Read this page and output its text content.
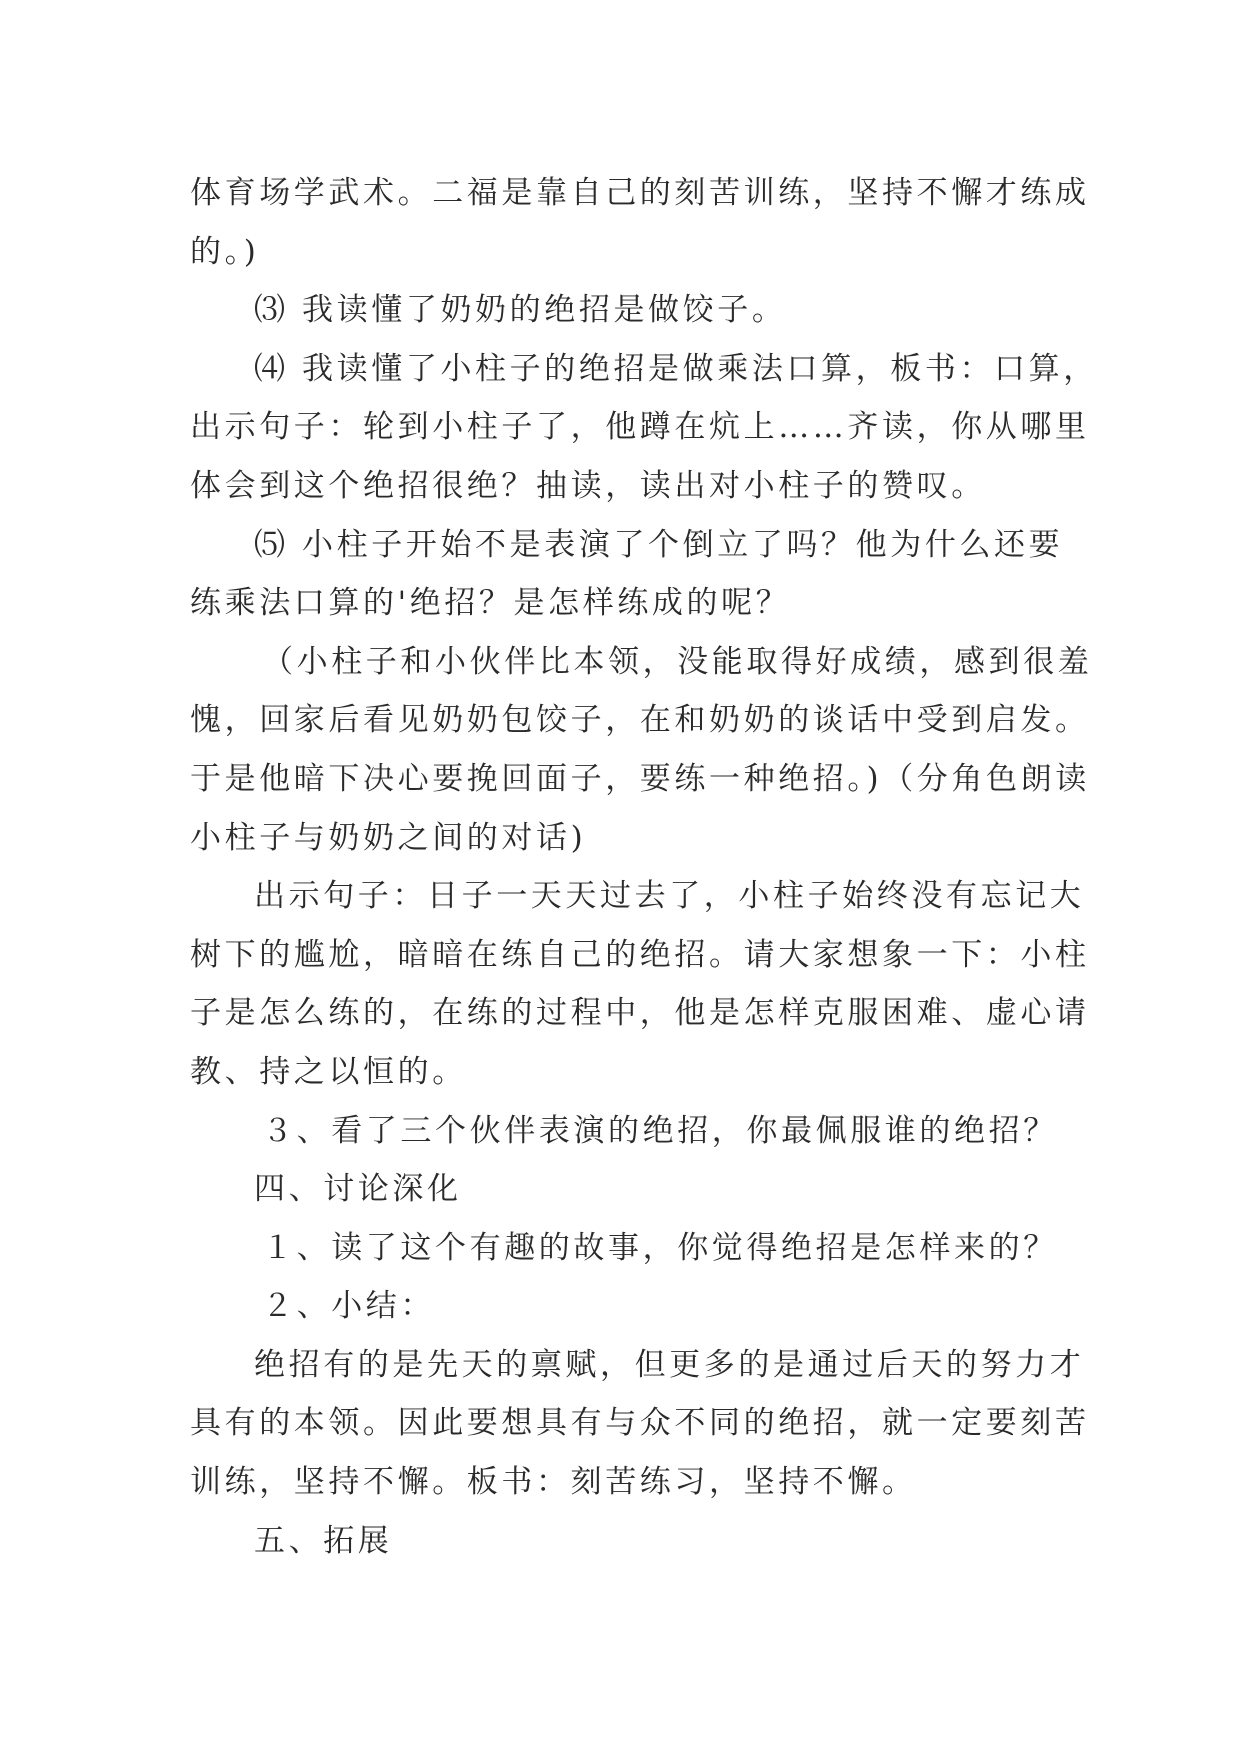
体育场学武术。二福是靠自己的刻苦训练，坚持不懈才练成
的。)
⑶ 我读懂了奶奶的绝招是做饺子。
⑷ 我读懂了小柱子的绝招是做乘法口算，板书：口算，
出示句子：轮到小柱子了，他蹲在炕上……齐读，你从哪里
体会到这个绝招很绝？抽读，读出对小柱子的赞叹。
⑸ 小柱子开始不是表演了个倒立了吗？他为什么还要
练乘法口算的'绝招？是怎样练成的呢？
（小柱子和小伙伴比本领，没能取得好成绩，感到很羞
愧，回家后看见奶奶包饺子，在和奶奶的谈话中受到启发。
于是他暗下决心要挽回面子，要练一种绝招。)（分角色朗读
小柱子与奶奶之间的对话)
出示句子：日子一天天过去了，小柱子始终没有忘记大
树下的尴尬，暗暗在练自己的绝招。请大家想象一下：小柱
子是怎么练的，在练的过程中，他是怎样克服困难、虚心请
教、持之以恒的。
３、看了三个伙伴表演的绝招，你最佩服谁的绝招？
四、讨论深化
１、读了这个有趣的故事，你觉得绝招是怎样来的？
２、小结：
绝招有的是先天的禀赋，但更多的是通过后天的努力才
具有的本领。因此要想具有与众不同的绝招，就一定要刻苦
训练，坚持不懈。板书：刻苦练习，坚持不懈。
五、拓展
